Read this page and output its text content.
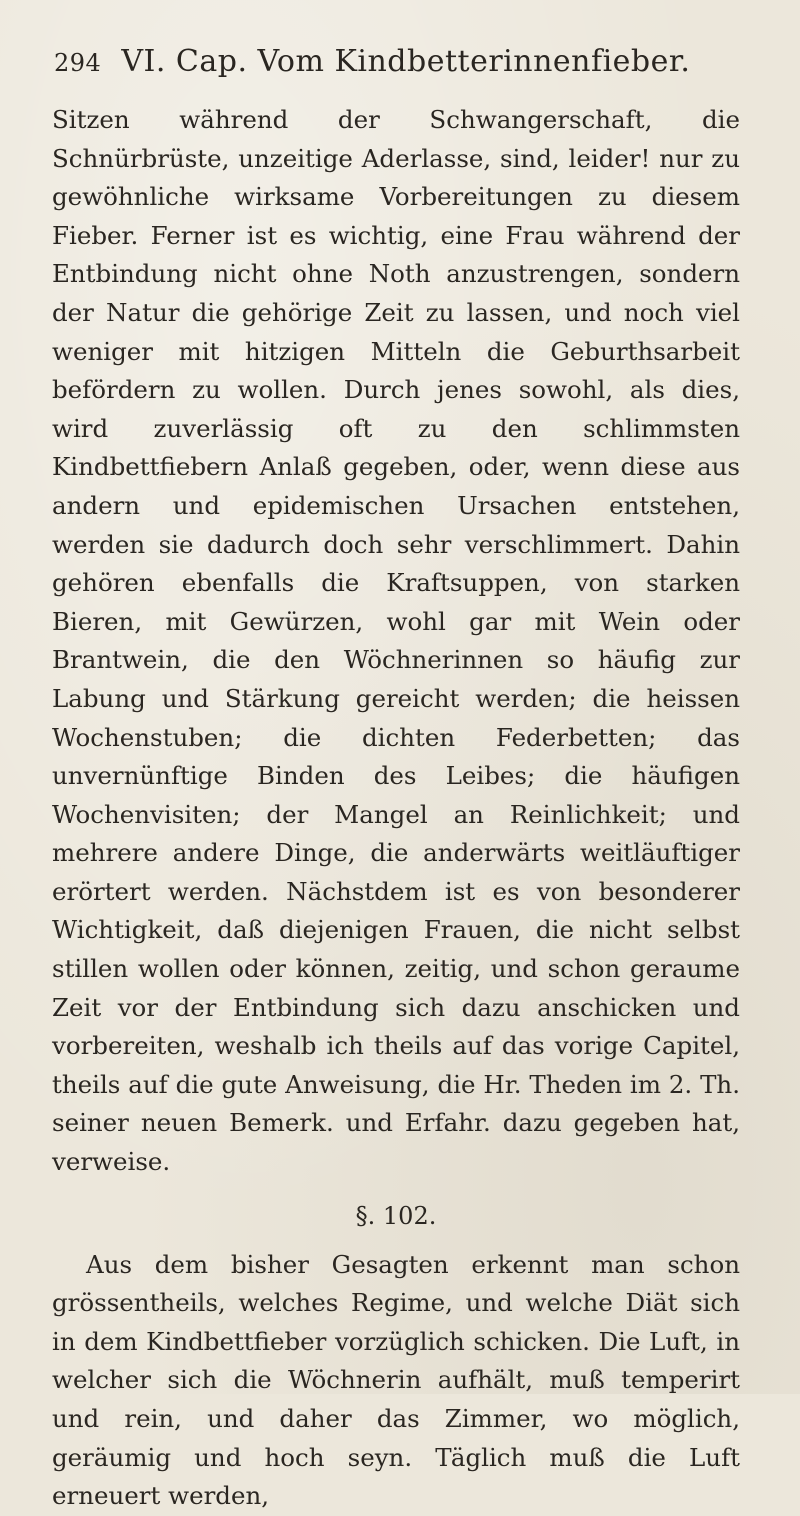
294 VI. Cap. Vom Kindbetterinnenfieber.

Sitzen während der Schwangerschaft, die Schnürbrüste, unzeitige Aderlasse, sind, leider! nur zu gewöhnliche wirksame Vorbereitungen zu diesem Fieber. Ferner ist es wichtig, eine Frau während der Entbindung nicht ohne Noth anzustrengen, sondern der Natur die gehörige Zeit zu lassen, und noch viel weniger mit hitzigen Mitteln die Geburthsarbeit befördern zu wollen. Durch jenes sowohl, als dies, wird zuverlässig oft zu den schlimmsten Kindbettfiebern Anlaß gegeben, oder, wenn diese aus andern und epidemischen Ursachen entstehen, werden sie dadurch doch sehr verschlimmert. Dahin gehören ebenfalls die Kraftsuppen, von starken Bieren, mit Gewürzen, wohl gar mit Wein oder Brantwein, die den Wöchnerinnen so häufig zur Labung und Stärkung gereicht werden; die heissen Wochenstuben; die dichten Federbetten; das unvernünftige Binden des Leibes; die häufigen Wochenvisiten; der Mangel an Reinlichkeit; und mehrere andere Dinge, die anderwärts weitläuftiger erörtert werden. Nächstdem ist es von besonderer Wichtigkeit, daß diejenigen Frauen, die nicht selbst stillen wollen oder können, zeitig, und schon geraume Zeit vor der Entbindung sich dazu anschicken und vorbereiten, weshalb ich theils auf das vorige Capitel, theils auf die gute Anweisung, die Hr. Theden im 2. Th. seiner neuen Bemerk. und Erfahr. dazu gegeben hat, verweise.

§. 102.

Aus dem bisher Gesagten erkennt man schon grössentheils, welches Regime, und welche Diät sich in dem Kindbettfieber vorzüglich schicken. Die Luft, in welcher sich die Wöchnerin aufhält, muß temperirt und rein, und daher das Zimmer, wo möglich, geräumig und hoch seyn. Täglich muß die Luft erneuert werden,
